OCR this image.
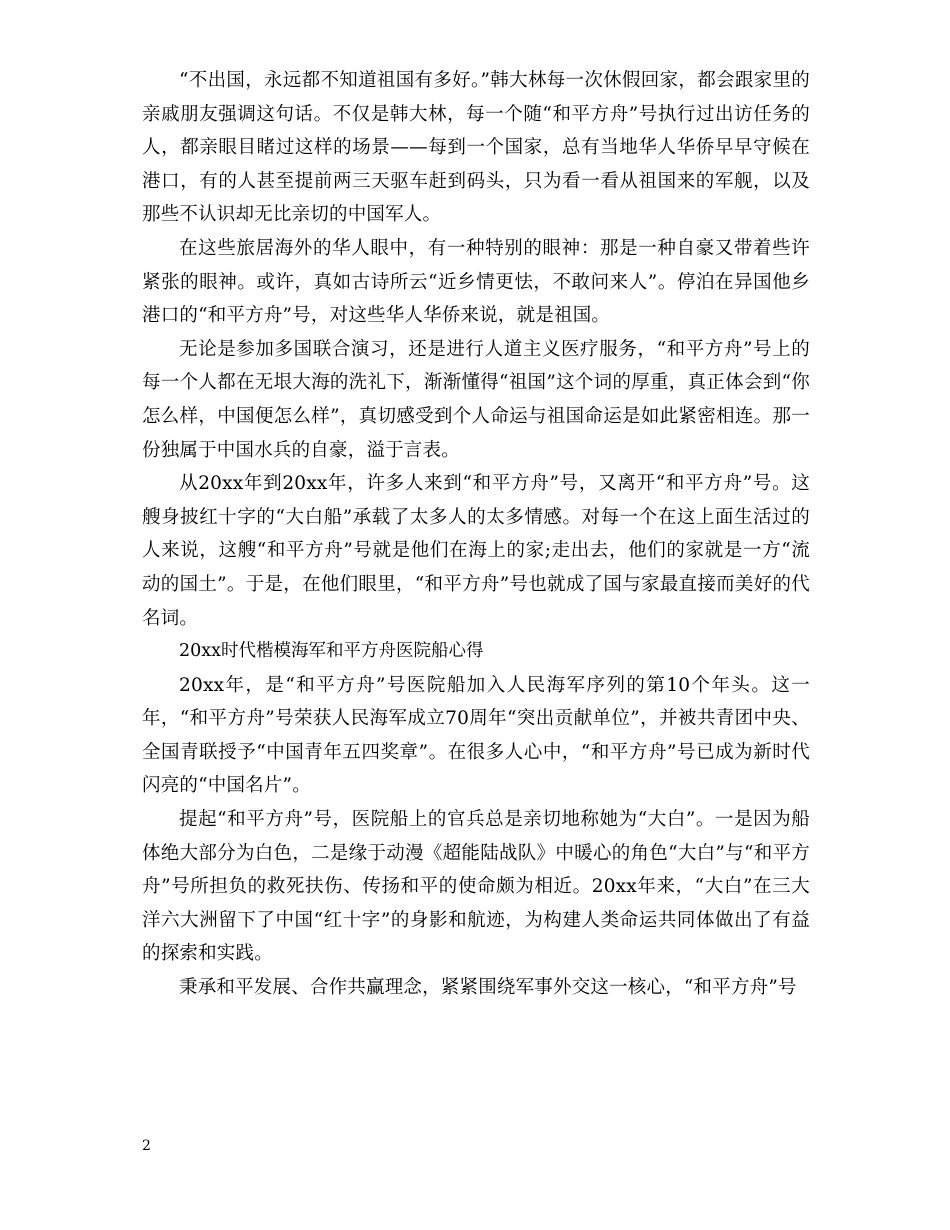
“不出国，永远都不知道祖国有多好。”韩大林每一次休假回家，都会跟家里的亲戚朋友强调这句话。不仅是韩大林，每一个随“和平方舟”号执行过出访任务的人，都亲眼目睹过这样的场景——每到一个国家，总有当地华人华侨早早守候在港口，有的人甚至提前两三天驱车赶到码头，只为看一看从祖国来的军舰，以及那些不认识却无比亲切的中国军人。

在这些旅居海外的华人眼中，有一种特别的眼神：那是一种自豪又带着些许紧张的眼神。或许，真如古诗所云“近乡情更怯，不敢问来人”。停泊在异国他乡港口的“和平方舟”号，对这些华人华侨来说，就是祖国。

无论是参加多国联合演习，还是进行人道主义医疗服务，“和平方舟”号上的每一个人都在无垠大海的洗礼下，渐渐懂得“祖国”这个词的厚重，真正体会到“你怎么样，中国便怎么样”，真切感受到个人命运与祖国命运是如此紧密相连。那一份独属于中国水兵的自豪，溢于言表。

从20xx年到20xx年，许多人来到“和平方舟”号，又离开“和平方舟”号。这艘身披红十字的“大白船”承载了太多人的太多情感。对每一个在这上面生活过的人来说，这艘“和平方舟”号就是他们在海上的家;走出去，他们的家就是一方“流动的国土”。于是，在他们眼里，“和平方舟”号也就成了国与家最直接而美好的代名词。

20xx时代楷模海军和平方舟医院船心得

20xx年，是“和平方舟”号医院船加入人民海军序列的第10个年头。这一年，“和平方舟”号荣获人民海军成立70周年“突出贡献单位”，并被共青团中央、全国青联授予“中国青年五四奖章”。在很多人心中，“和平方舟”号已成为新时代闪亮的“中国名片”。

提起“和平方舟”号，医院船上的官兵总是亲切地称她为“大白”。一是因为船体绝大部分为白色，二是缘于动漫《超能陆战队》中暖心的角色“大白”与“和平方舟”号所担负的救死扶伤、传扬和平的使命颇为相近。20xx年来，“大白”在三大洋六大洲留下了中国“红十字”的身影和航迹，为构建人类命运共同体做出了有益的探索和实践。

秉承和平发展、合作共赢理念，紧紧围绕军事外交这一核心，“和平方舟”号

2
